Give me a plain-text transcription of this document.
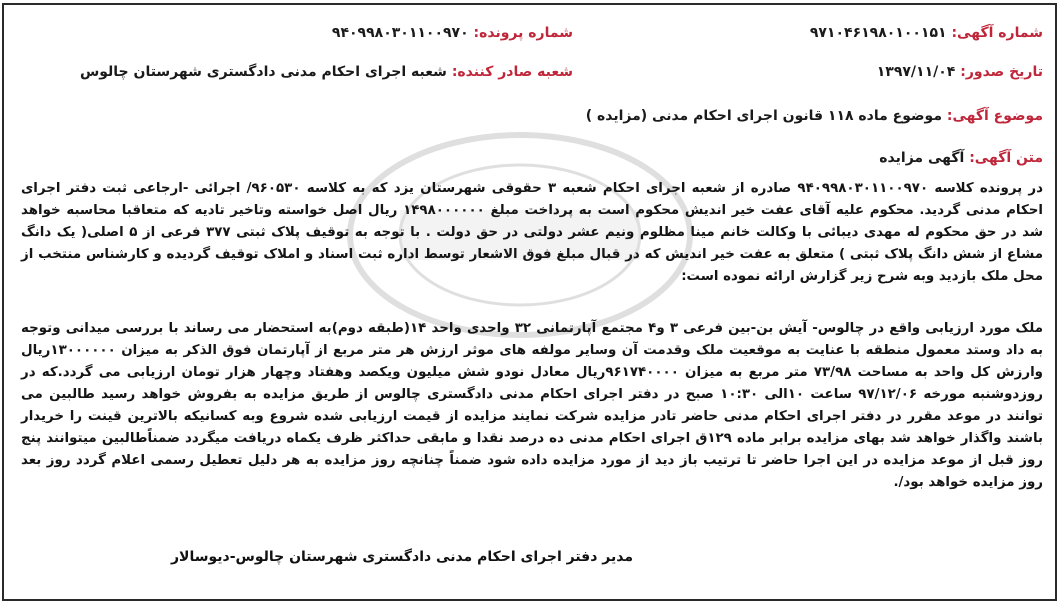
شماره آگهی: ۹۷۱۰۴۶۱۹۸۰۱۰۰۱۵۱
شماره پرونده: ۹۴۰۹۹۸۰۳۰۱۱۰۰۹۷۰
تاریخ صدور: ۱۳۹۷/۱۱/۰۴
شعبه صادر کننده: شعبه اجرای احکام مدنی دادگستری شهرستان چالوس
موضوع آگهی: موضوع ماده ۱۱۸ قانون اجرای احکام مدنی (مزایده )
متن آگهی: آگهی مزایده
در پرونده کلاسه ۹۴۰۹۹۸۰۳۰۱۱۰۰۹۷۰ صادره از شعبه اجرای احکام شعبه ۳ حقوقی شهرستان یزد که به کلاسه ۹۶۰۵۳۰/ اجرائی -ارجاعی ثبت دفتر اجرای احکام مدنی گردید. محکوم علیه آقای عفت خیر اندیش محکوم است به پرداخت مبلغ ۱۴۹۸۰۰۰۰۰۰ ریال اصل خواسته وتاخیر تادیه که متعاقبا محاسبه خواهد شد در حق محکوم له مهدی دیبائی با وکالت خانم مینا مظلوم ونیم عشر دولتی در حق دولت . با توجه به توقیف پلاک ثبتی ۳۷۷ فرعی از ۵ اصلی( یک دانگ مشاع از شش دانگ پلاک ثبتی ) متعلق به عفت خیر اندیش که در قبال مبلغ فوق الاشعار توسط اداره ثبت اسناد و املاک توقیف گردیده و کارشناس منتخب از محل ملک بازدید وبه شرح زیر گزارش ارائه نموده است:
ملک مورد ارزیابی واقع در چالوس- آیش بن-بین فرعی ۳ و۴ مجتمع آپارتمانی ۳۲ واحدی واحد ۱۴(طبقه دوم)به استحضار می رساند با بررسی میدانی وتوجه به داد وستد معمول منطقه با عنایت به موقعیت ملک وقدمت آن وسایر مولفه های موثر ارزش هر متر مربع از آپارتمان فوق الذکر به میزان ۱۳۰۰۰۰۰۰ریال وارزش کل واحد به مساحت ۷۳/۹۸ متر مربع به میزان ۹۶۱۷۴۰۰۰۰ریال معادل نودو شش میلیون ویکصد وهفتاد وچهار هزار تومان ارزیابی می گردد.که در روزدوشنبه مورخه ۹۷/۱۲/۰۶ ساعت ۱۰الی ۱۰:۳۰ صبح در دفتر اجرای احکام مدنی دادگستری چالوس از طریق مزایده به بفروش خواهد رسید طالبین می توانند در موعد مقرر در دفتر اجرای احکام مدنی حاضر تادر مزایده شرکت نمایند مزایده از قیمت ارزیابی شده شروع وبه کسانیکه بالاترین قینت را خریدار باشند واگذار خواهد شد بهای مزایده برابر ماده ۱۲۹ق اجرای احکام مدنی ده درصد نقدا و مابقی حداکثر ظرف یکماه دریافت میگردد ضمناًطالبین میتوانند پنج روز قبل از موعد مزایده در این اجرا حاضر تا ترتیب باز دید از مورد مزایده داده شود ضمناً چنانچه روز مزایده به هر دلیل تعطیل رسمی اعلام گردد روز بعد روز مزایده خواهد بود/.
مدیر دفتر اجرای احکام مدنی دادگستری شهرستان چالوس-دیوسالار
